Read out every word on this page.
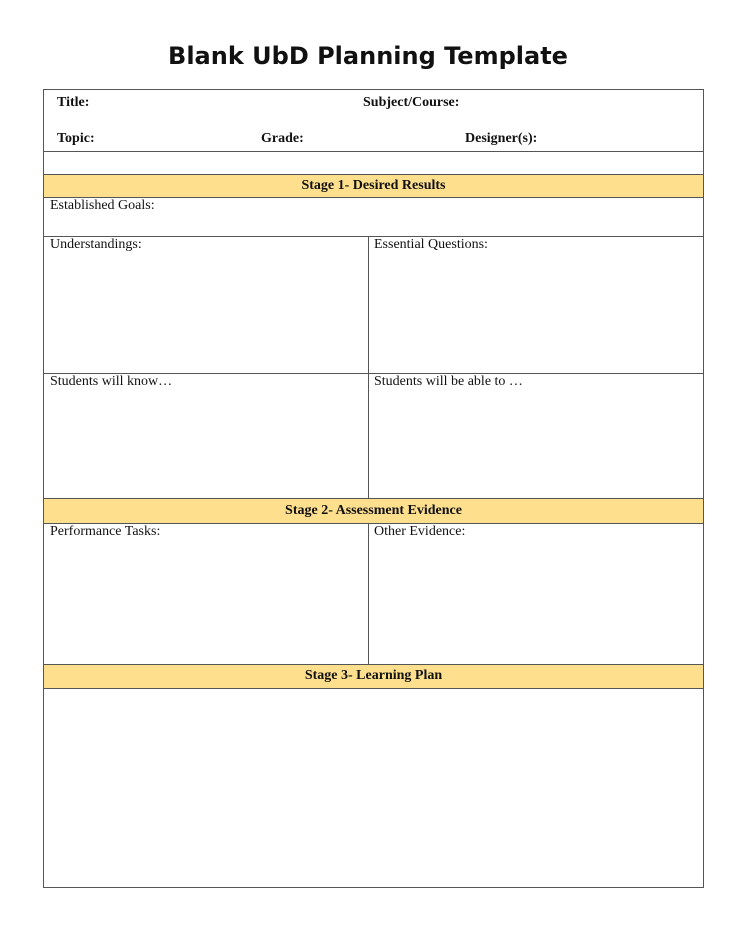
Blank UbD Planning Template
Title:	Subject/Course:
Topic:	Grade:	Designer(s):
Stage 1- Desired Results
Established Goals:
Understandings:	Essential Questions:
Students will know…	Students will be able to …
Stage 2- Assessment Evidence
Performance Tasks:	Other Evidence:
Stage 3- Learning Plan
